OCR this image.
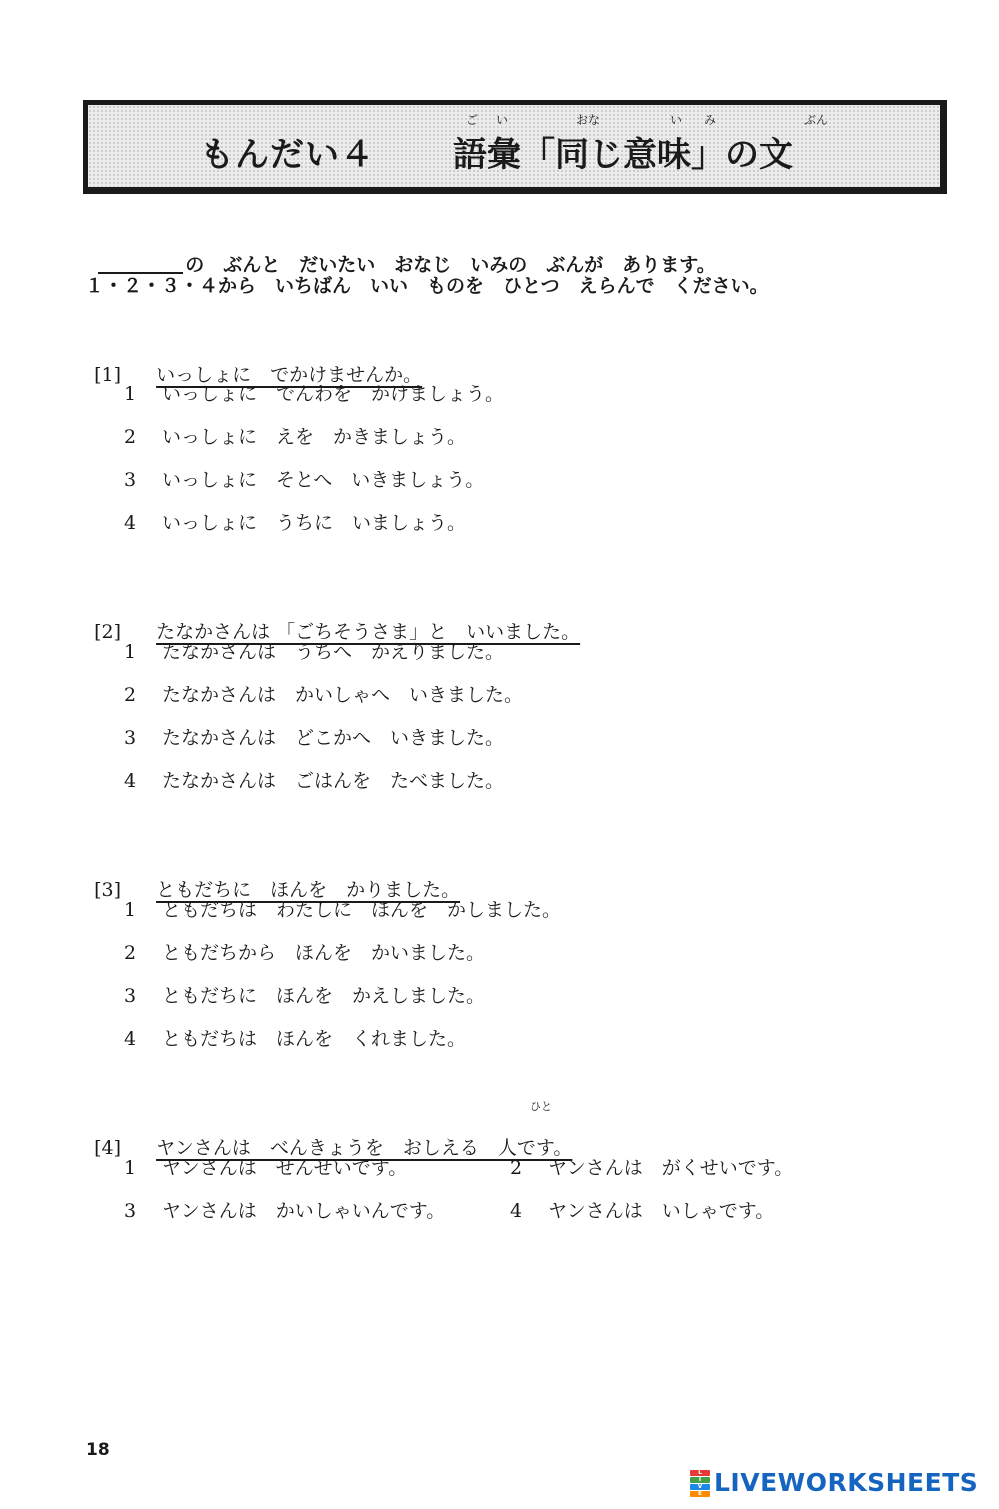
もんだい４ 語彙「同じ意味」の文
ご い	おな	い み	ぶん

の　ぶんと　だいたい　おなじ　いみの　ぶんが　あります。

１・２・３・４から　いちばん　いい　ものを　ひとつ　えらんで　ください。

[1] いっしょに　でかけませんか。

1 いっしょに　でんわを　かけましょう。
2 いっしょに　えを　かきましょう。
3 いっしょに　そとへ　いきましょう。
4 いっしょに　うちに　いましょう。

[2] たなかさんは 「ごちそうさま」と　いいました。

1 たなかさんは　うちへ　かえりました。
2 たなかさんは　かいしゃへ　いきました。
3 たなかさんは　どこかへ　いきました。
4 たなかさんは　ごはんを　たべました。

[3] ともだちに　ほんを　かりました。

1 ともだちは　わたしに　ほんを　かしました。
2 ともだちから　ほんを　かいました。
3 ともだちに　ほんを　かえしました。
4 ともだちは　ほんを　くれました。
ひと

[4] ヤンさんは　べんきょうを　おしえる　人です。

1 ヤンさんは　せんせいです。	2 ヤンさんは　がくせいです。
3 ヤンさんは　かいしゃいんです。	4 ヤンさんは　いしゃです。
18
L
I
V
E LIVEWORKSHEETS
